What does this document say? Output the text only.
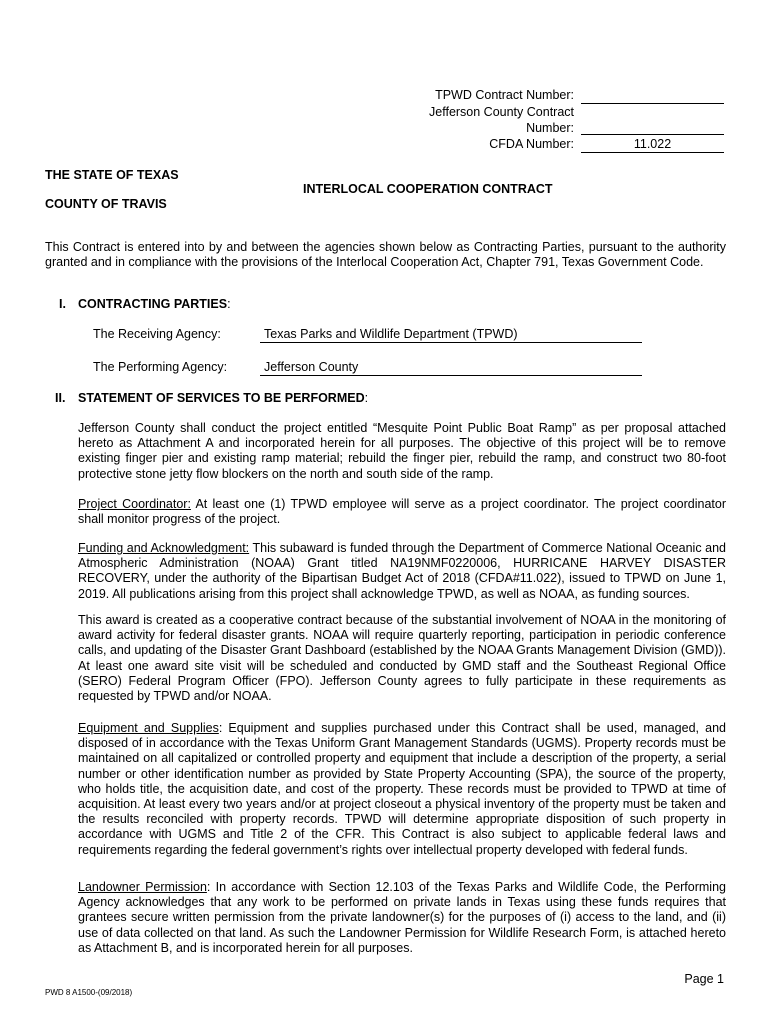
TPWD Contract Number:
Jefferson County Contract
Number:
CFDA Number:	11.022
THE STATE OF TEXAS
INTERLOCAL COOPERATION CONTRACT
COUNTY OF TRAVIS

This Contract is entered into by and between the agencies shown below as Contracting Parties, pursuant to the authority granted and in compliance with the provisions of the Interlocal Cooperation Act, Chapter 791, Texas Government Code.

I. CONTRACTING PARTIES:
The Receiving Agency:	Texas Parks and Wildlife Department (TPWD)
The Performing Agency:	Jefferson County
II. STATEMENT OF SERVICES TO BE PERFORMED:

Jefferson County shall conduct the project entitled “Mesquite Point Public Boat Ramp” as per proposal attached hereto as Attachment A and incorporated herein for all purposes. The objective of this project will be to remove existing finger pier and existing ramp material; rebuild the finger pier, rebuild the ramp, and construct two 80-foot protective stone jetty flow blockers on the north and south side of the ramp.

Project Coordinator: At least one (1) TPWD employee will serve as a project coordinator. The project coordinator shall monitor progress of the project.

Funding and Acknowledgment: This subaward is funded through the Department of Commerce National Oceanic and Atmospheric Administration (NOAA) Grant titled NA19NMF0220006, HURRICANE HARVEY DISASTER RECOVERY, under the authority of the Bipartisan Budget Act of 2018 (CFDA#11.022), issued to TPWD on June 1, 2019. All publications arising from this project shall acknowledge TPWD, as well as NOAA, as funding sources.

This award is created as a cooperative contract because of the substantial involvement of NOAA in the monitoring of award activity for federal disaster grants. NOAA will require quarterly reporting, participation in periodic conference calls, and updating of the Disaster Grant Dashboard (established by the NOAA Grants Management Division (GMD)). At least one award site visit will be scheduled and conducted by GMD staff and the Southeast Regional Office (SERO) Federal Program Officer (FPO). Jefferson County agrees to fully participate in these requirements as requested by TPWD and/or NOAA.

Equipment and Supplies: Equipment and supplies purchased under this Contract shall be used, managed, and disposed of in accordance with the Texas Uniform Grant Management Standards (UGMS). Property records must be maintained on all capitalized or controlled property and equipment that include a description of the property, a serial number or other identification number as provided by State Property Accounting (SPA), the source of the property, who holds title, the acquisition date, and cost of the property. These records must be provided to TPWD at time of acquisition. At least every two years and/or at project closeout a physical inventory of the property must be taken and the results reconciled with property records. TPWD will determine appropriate disposition of such property in accordance with UGMS and Title 2 of the CFR. This Contract is also subject to applicable federal laws and requirements regarding the federal government’s rights over intellectual property developed with federal funds.

Landowner Permission: In accordance with Section 12.103 of the Texas Parks and Wildlife Code, the Performing Agency acknowledges that any work to be performed on private lands in Texas using these funds requires that grantees secure written permission from the private landowner(s) for the purposes of (i) access to the land, and (ii) use of data collected on that land. As such the Landowner Permission for Wildlife Research Form, is attached hereto as Attachment B, and is incorporated herein for all purposes.

Page 1
PWD 8 A1500-(09/2018)
